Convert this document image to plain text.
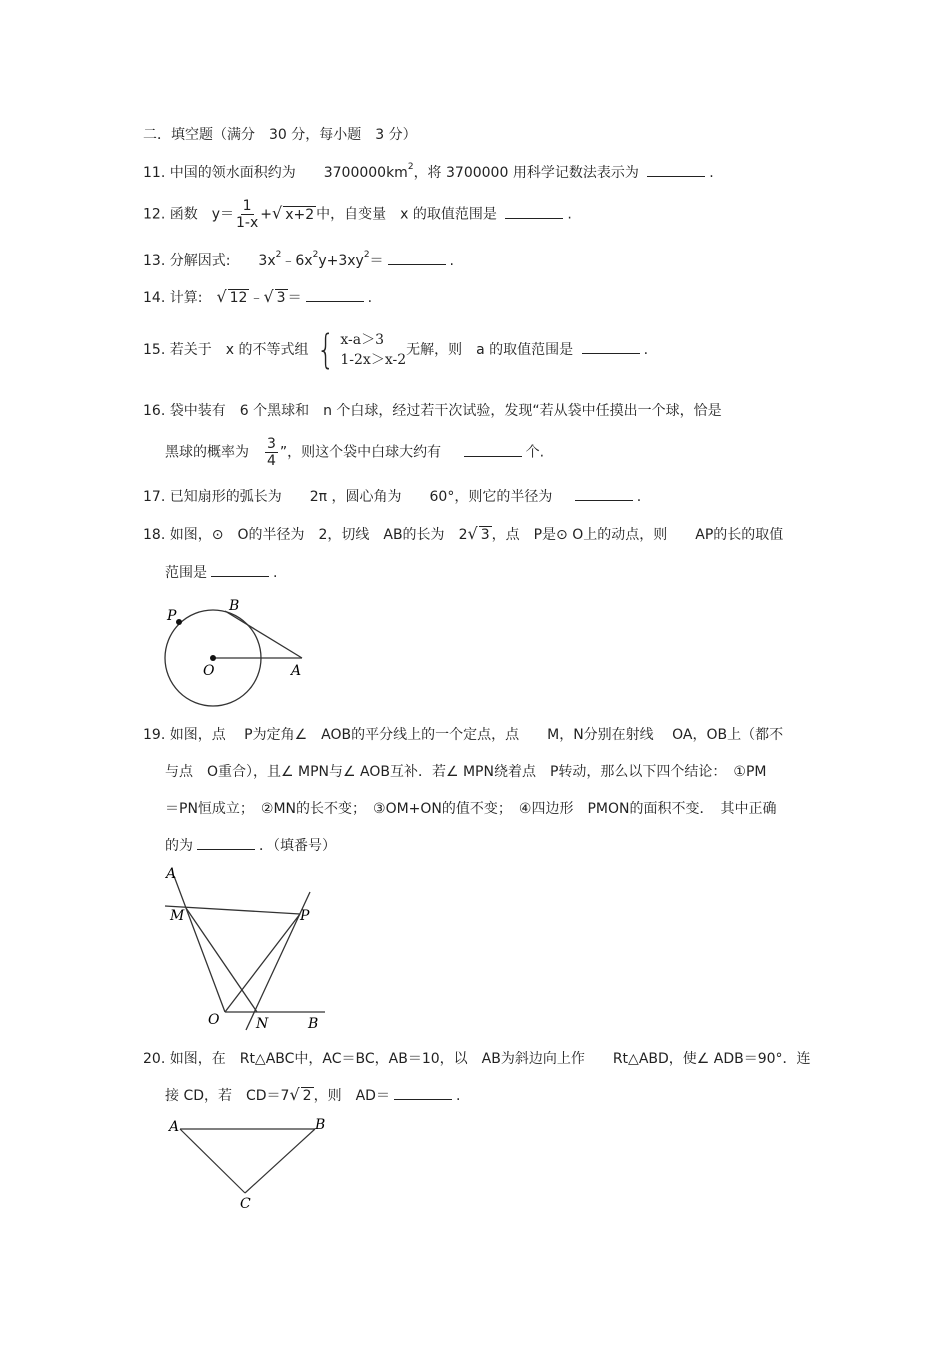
二．填空题（满分　30 分，每小题　3 分）
11. 中国的领水面积约为　　$3700000km^2$，将 3700000 用科学记数法表示为	.
12. 函数　$y= \frac{1}{1-x}$ +√ x+2 中，自变量　x 的取值范围是	.
13. 分解因式:　　$3x^2﹣6x^2y+3xy^2=$	.
14. 计算:　 √ 12 ﹣√ 3 ＝	.
15. 若关于　x 的不等式组 { x-a＞3
1-2x＞x-2
无解，则　a 的取值范围是	.
16. 袋中装有　6 个黑球和　n 个白球，经过若干次试验，发现“若从袋中任摸出一个球，恰是
黑球的概率为　 $\frac{3}{4}$ ”，则这个袋中白球大约有　	个.
17. 已知扇形的弧长为　　2π ，圆心角为　　60°，则它的半径为　	.
18. 如图，⊙　O的半径为　2，切线　AB的长为　 2√ 3 ，点　P是⊙ O上的动点，则　　AP的长的取值
范围是	.
P
B
O	A
19. 如图，点　 P为定角∠　AOB的平分线上的一个定点，点　　M，N分别在射线　 OA，OB上（都不
与点　O重合），且∠ MPN与∠ AOB互补．若∠ MPN绕着点　P转动，那么以下四个结论：　①PM
＝PN恒成立；　②MN的长不变；　③OM+ON的值不变；　④四边形　PMON的面积不变．　其中正确
的为	．（填番号）
A
M	P
O	N	B
20. 如图，在　Rt△ABC中，AC＝BC，AB＝10，以　AB为斜边向上作　　Rt△ABD，使∠ ADB＝90°．连
接 CD，若　CD＝7√ 2 ，则　AD＝	.
A	B
C
